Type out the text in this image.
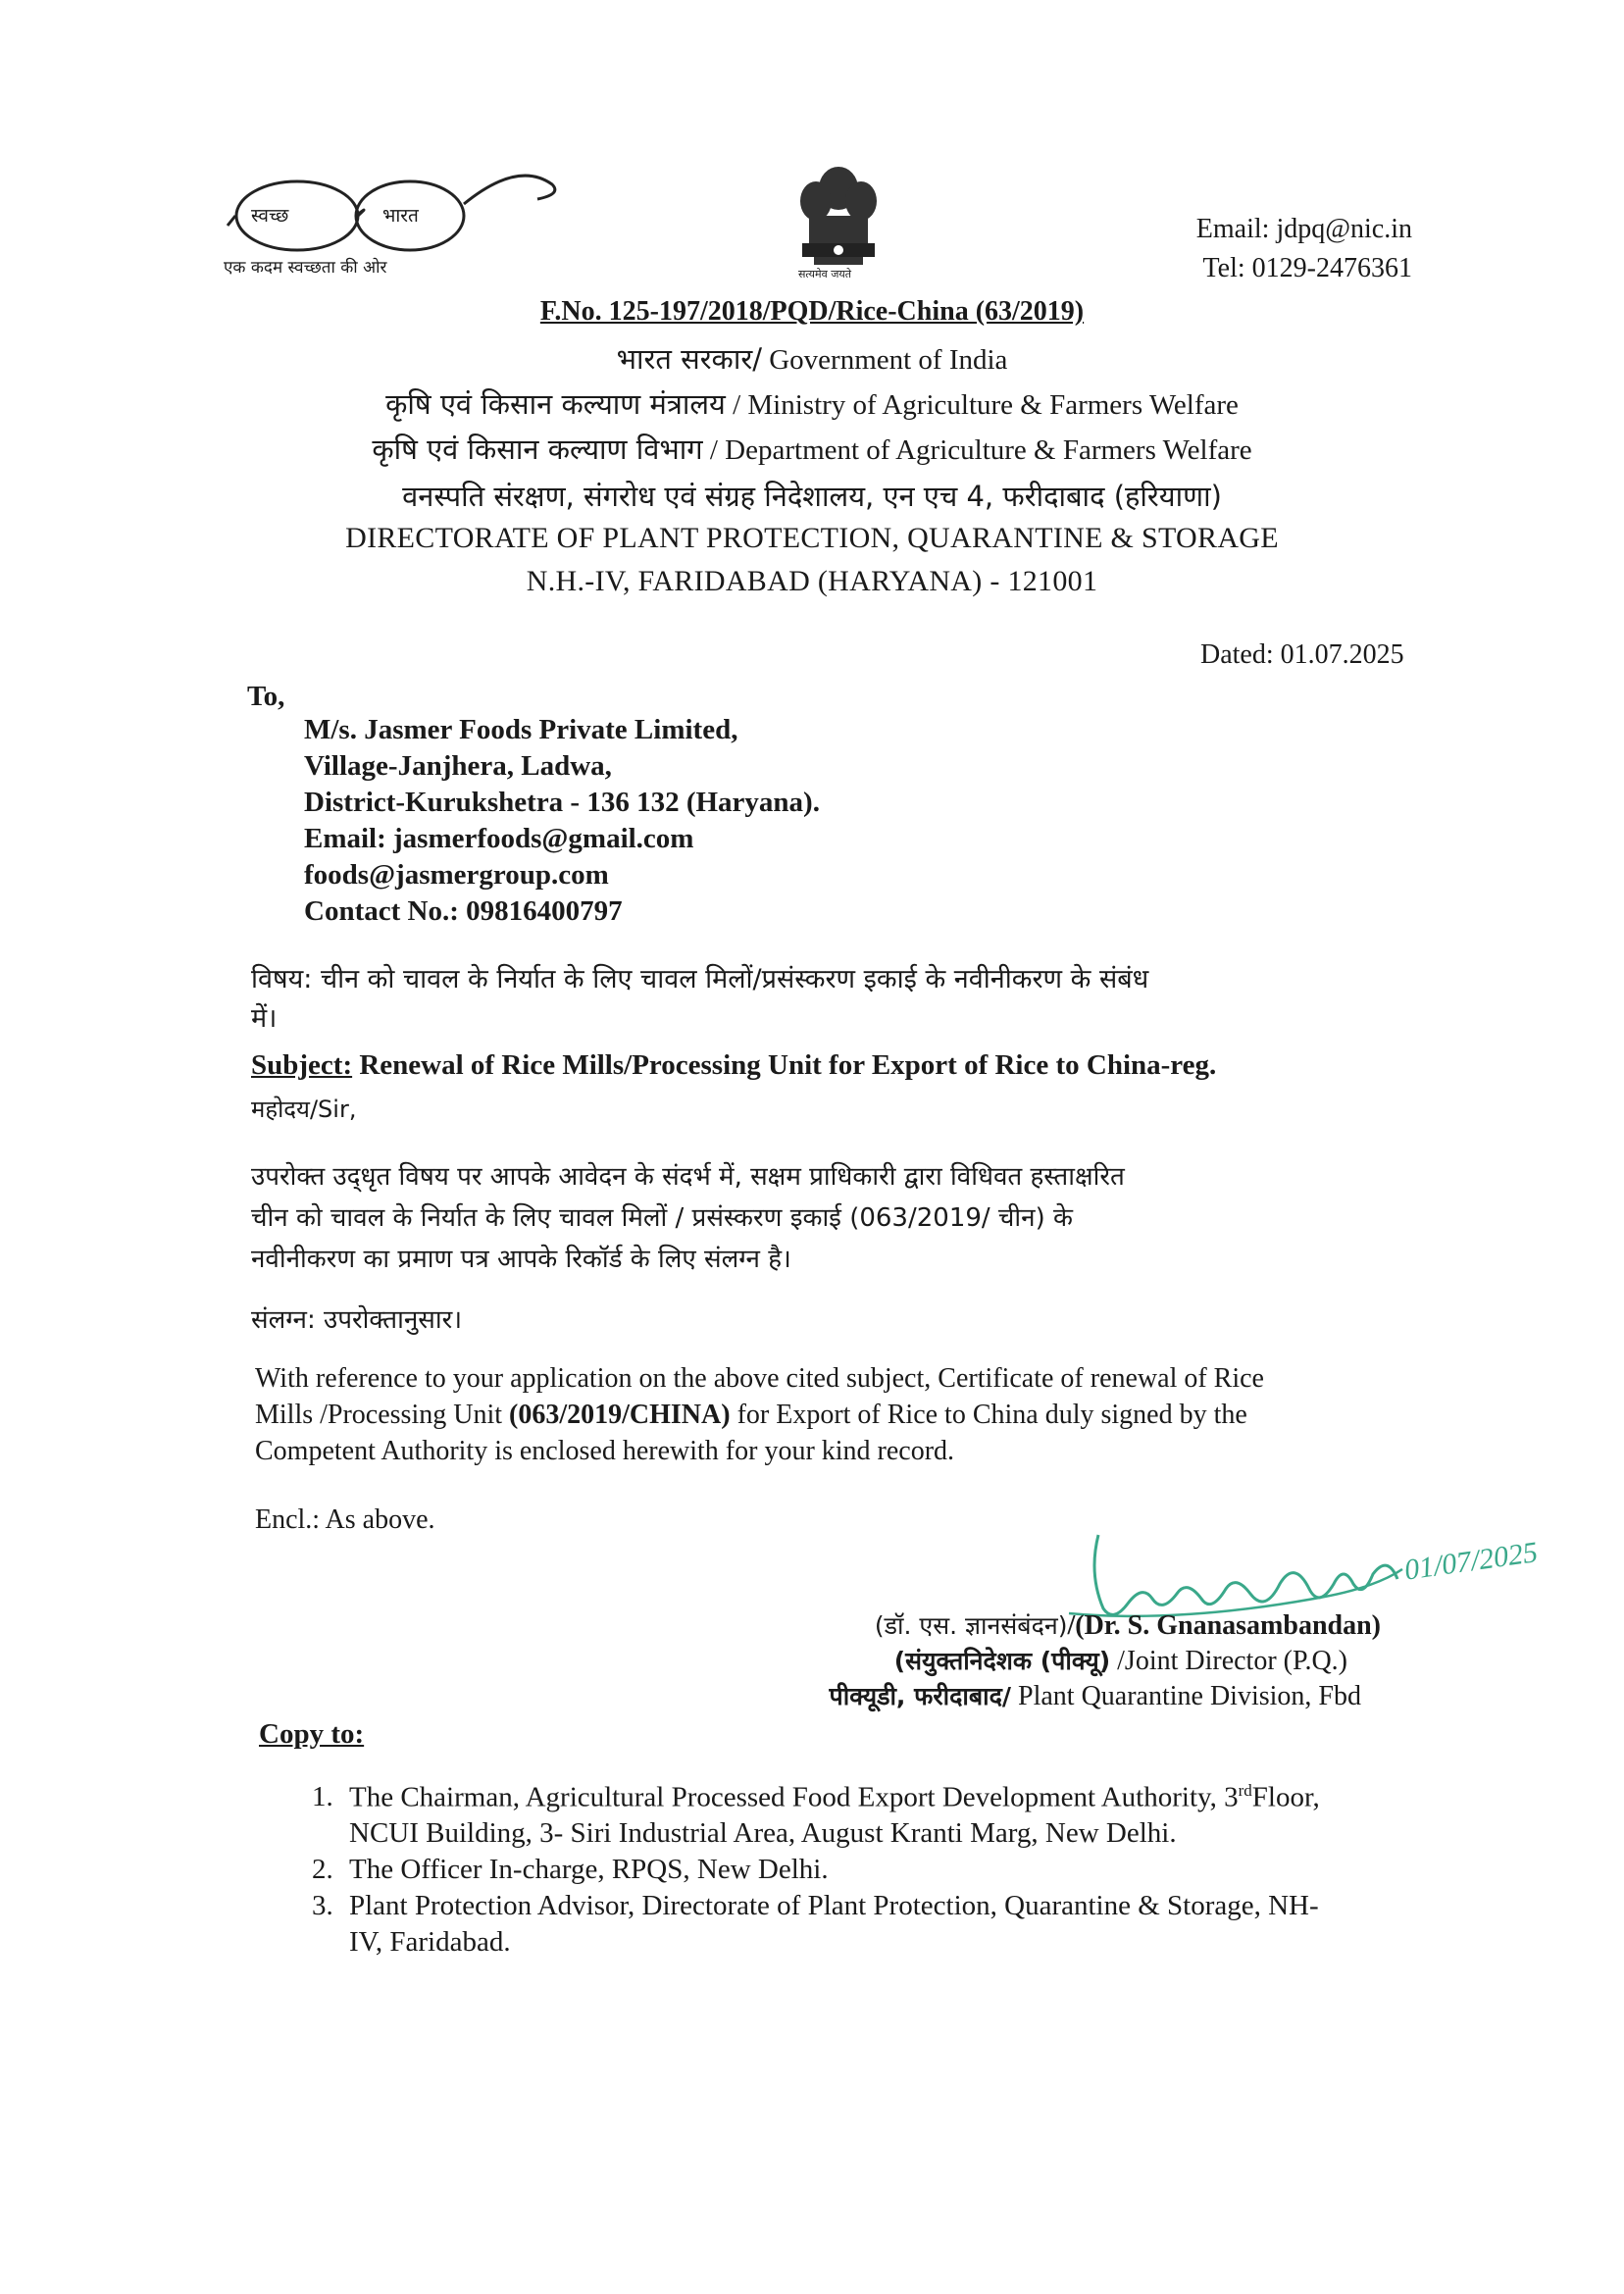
स्वच्छ	भारत
एक कदम स्वच्छता की ओर	सत्यमेव जयते
Email: jdpq@nic.in
Tel: 0129-2476361
F.No. 125-197/2018/PQD/Rice-China (63/2019)
भारत सरकार/ Government of India
कृषि एवं किसान कल्याण मंत्रालय / Ministry of Agriculture & Farmers Welfare
कृषि एवं किसान कल्याण विभाग / Department of Agriculture & Farmers Welfare
वनस्पति संरक्षण, संगरोध एवं संग्रह निदेशालय, एन एच 4, फरीदाबाद (हरियाणा)
DIRECTORATE OF PLANT PROTECTION, QUARANTINE & STORAGE
N.H.-IV, FARIDABAD (HARYANA) - 121001
Dated: 01.07.2025
To,
M/s. Jasmer Foods Private Limited,
Village-Janjhera, Ladwa,
District-Kurukshetra - 136 132 (Haryana).
Email: jasmerfoods@gmail.com
foods@jasmergroup.com
Contact No.: 09816400797
विषय: चीन को चावल के निर्यात के लिए चावल मिलों/प्रसंस्करण इकाई के नवीनीकरण के संबंध
में।
Subject: Renewal of Rice Mills/Processing Unit for Export of Rice to China-reg.
महोदय/Sir,
उपरोक्त उद्‍धृत विषय पर आपके आवेदन के संदर्भ में, सक्षम प्राधिकारी द्वारा विधिवत हस्ताक्षरित
चीन को चावल के निर्यात के लिए चावल मिलों / प्रसंस्करण इकाई (063/2019/ चीन) के
नवीनीकरण का प्रमाण पत्र आपके रिकॉर्ड के लिए संलग्न है।
संलग्न: उपरोक्तानुसार।
With reference to your application on the above cited subject, Certificate of renewal of Rice
Mills /Processing Unit (063/2019/CHINA) for Export of Rice to China duly signed by the
Competent Authority is enclosed herewith for your kind record.
Encl.: As above.
01/07/2025
(डॉ. एस. ज्ञानसंबंदन)/(Dr. S. Gnanasambandan)
(संयुक्तनिदेशक (पीक्यू) /Joint Director (P.Q.)
पीक्यूडी, फरीदाबाद/ Plant Quarantine Division, Fbd
Copy to:
1. The Chairman, Agricultural Processed Food Export Development Authority, 3rdFloor,
NCUI Building, 3- Siri Industrial Area, August Kranti Marg, New Delhi.
2. The Officer In-charge, RPQS, New Delhi.
3. Plant Protection Advisor, Directorate of Plant Protection, Quarantine & Storage, NH-
IV, Faridabad.
